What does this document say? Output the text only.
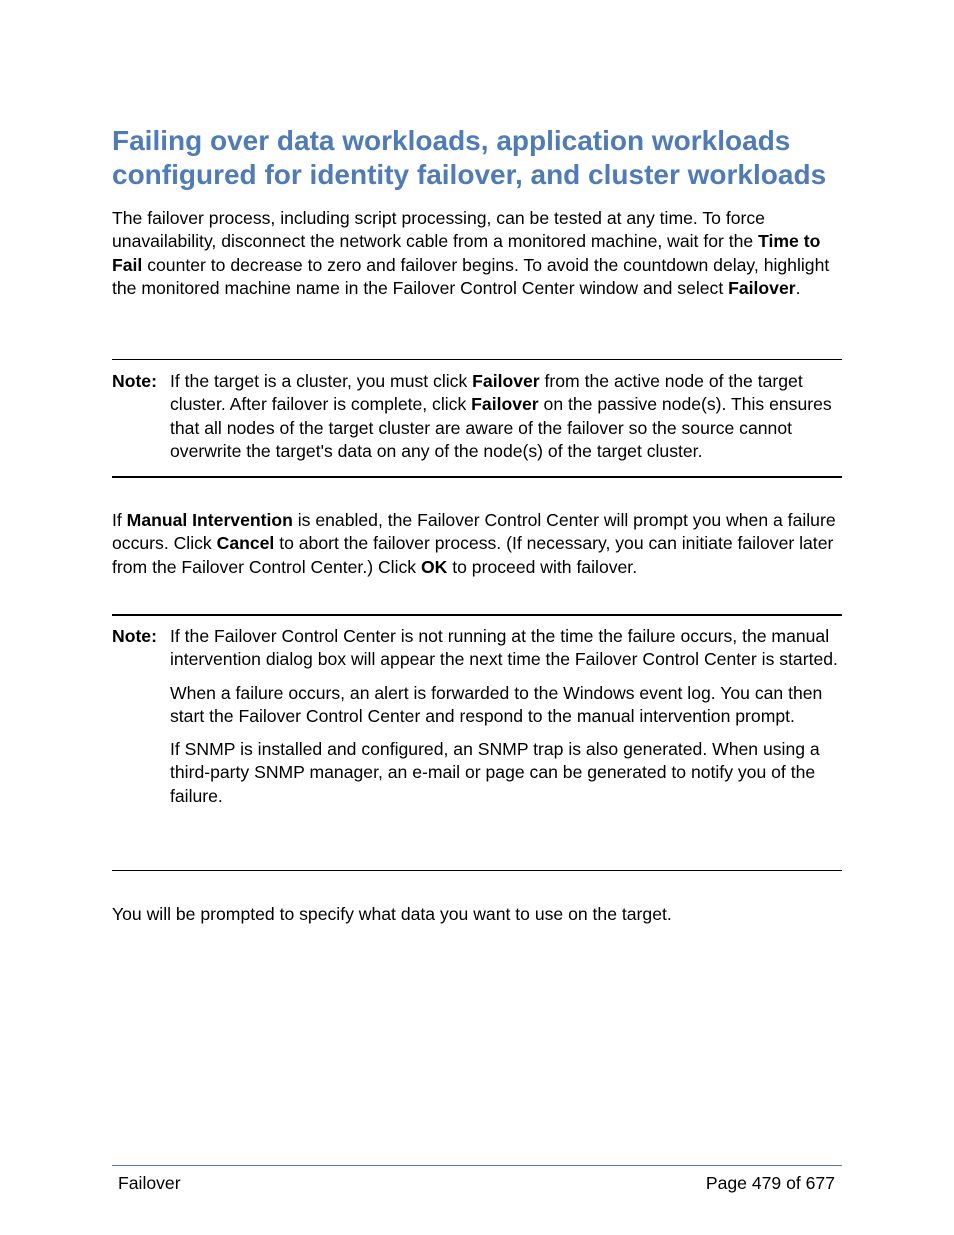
Failing over data workloads, application workloads configured for identity failover, and cluster workloads

The failover process, including script processing, can be tested at any time. To force unavailability, disconnect the network cable from a monitored machine, wait for the Time to Fail counter to decrease to zero and failover begins. To avoid the countdown delay, highlight the monitored machine name in the Failover Control Center window and select Failover.

Note: If the target is a cluster, you must click Failover from the active node of the target cluster. After failover is complete, click Failover on the passive node(s). This ensures that all nodes of the target cluster are aware of the failover so the source cannot overwrite the target's data on any of the node(s) of the target cluster.

If Manual Intervention is enabled, the Failover Control Center will prompt you when a failure occurs. Click Cancel to abort the failover process. (If necessary, you can initiate failover later from the Failover Control Center.) Click OK to proceed with failover.

Note: If the Failover Control Center is not running at the time the failure occurs, the manual intervention dialog box will appear the next time the Failover Control Center is started.

When a failure occurs, an alert is forwarded to the Windows event log. You can then start the Failover Control Center and respond to the manual intervention prompt.

If SNMP is installed and configured, an SNMP trap is also generated. When using a third-party SNMP manager, an e-mail or page can be generated to notify you of the failure.

You will be prompted to specify what data you want to use on the target.

Failover	Page 479 of 677
